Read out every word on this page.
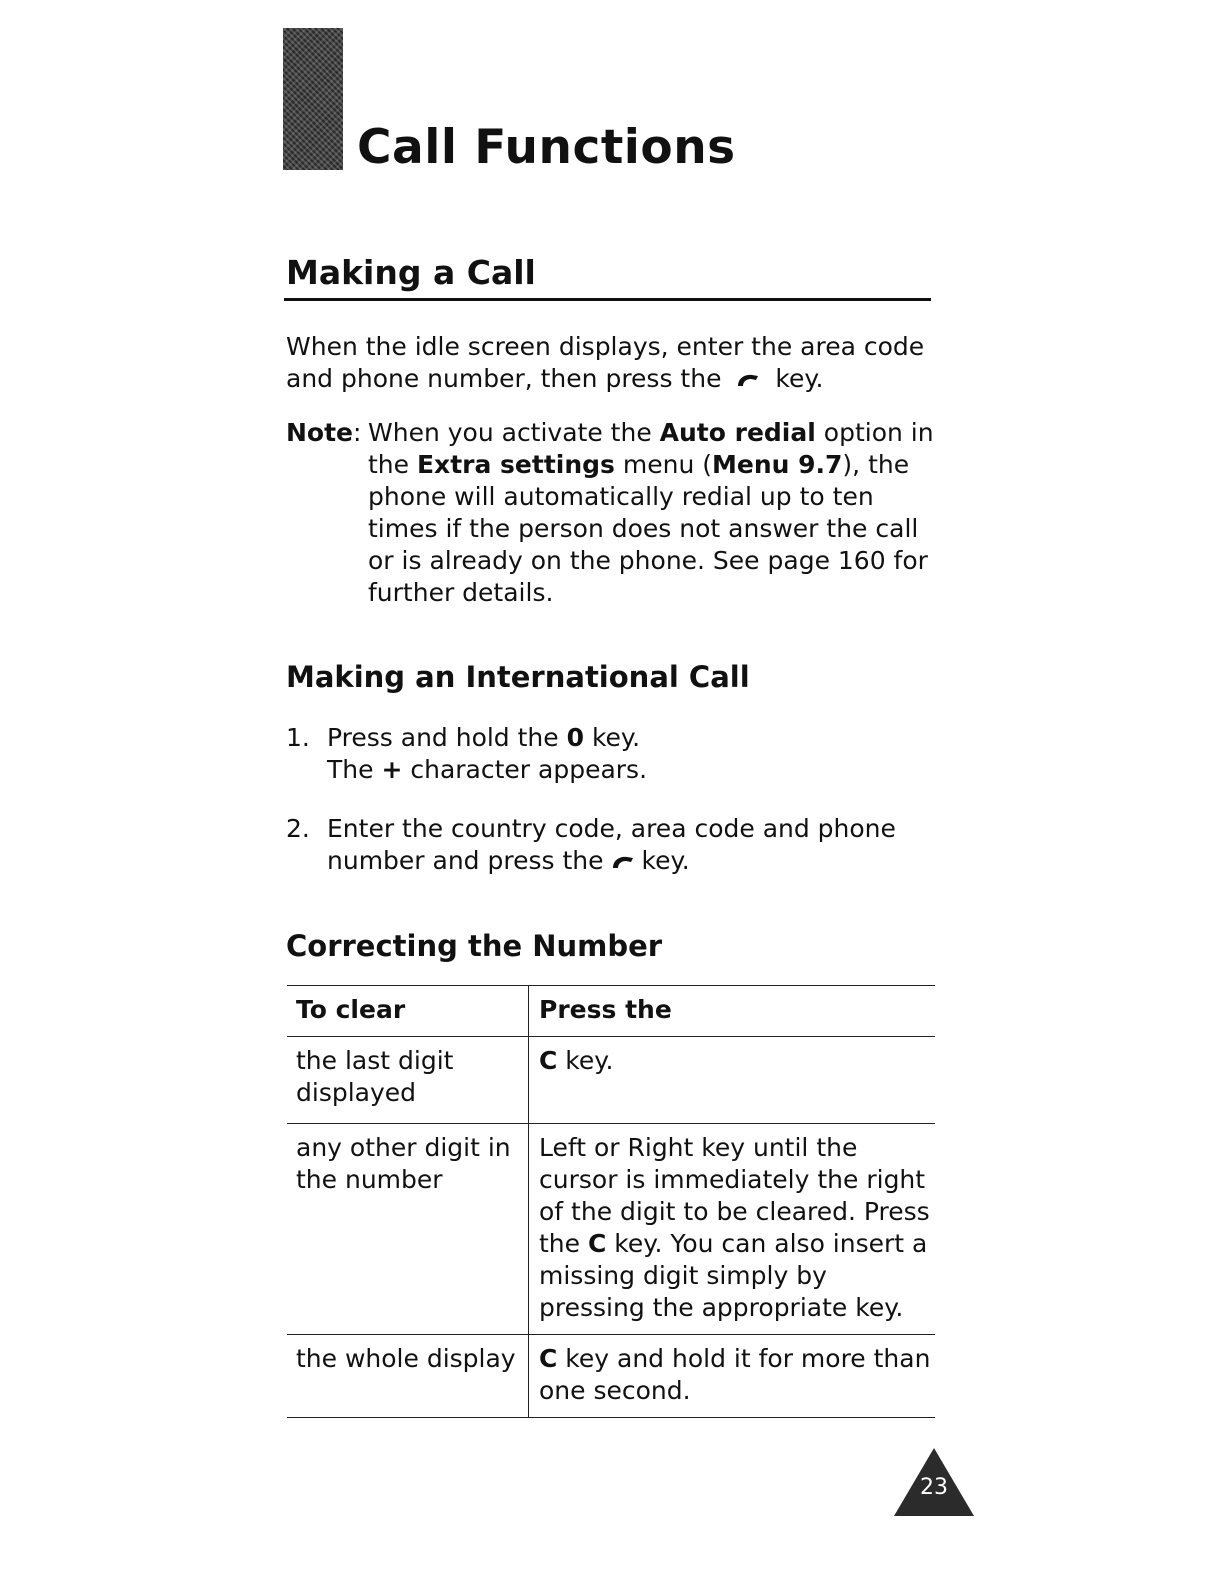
Call Functions
Making a Call

When the idle screen displays, enter the area code and phone number, then press the key.

Note: When you activate the Auto redial option in the Extra settings menu (Menu 9.7), the phone will automatically redial up to ten times if the person does not answer the call or is already on the phone. See page 160 for further details.

Making an International Call
1. Press and hold the 0 key.
The + character appears.
2. Enter the country code, area code and phone
number and press the key.
Correcting the Number
To clear	Press the
the last digit displayed	C key.
any other digit in the number	Left or Right key until the cursor is immediately the right of the digit to be cleared. Press the C key. You can also insert a missing digit simply by pressing the appropriate key.
the whole display	C key and hold it for more than one second.
23
